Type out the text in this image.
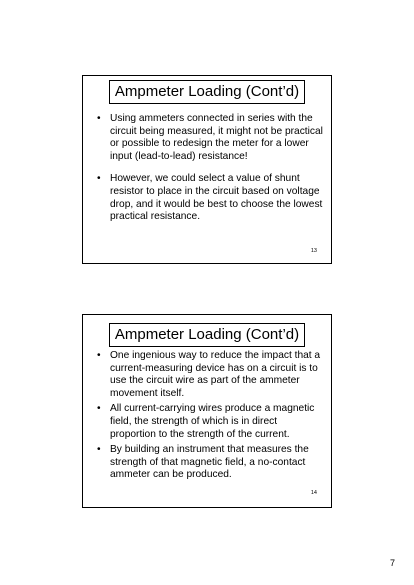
Ampmeter Loading (Cont’d)
• Using ammeters connected in series with the circuit being measured, it might not be practical or possible to redesign the meter for a lower input (lead-to-lead) resistance!
• However, we could select a value of shunt resistor to place in the circuit based on voltage drop, and it would be best to choose the lowest practical resistance.
13
Ampmeter Loading (Cont’d)
• One ingenious way to reduce the impact that a current-measuring device has on a circuit is to use the circuit wire as part of the ammeter movement itself.
• All current-carrying wires produce a magnetic field, the strength of which is in direct proportion to the strength of the current.
• By building an instrument that measures the strength of that magnetic field, a no-contact ammeter can be produced.
14
7
